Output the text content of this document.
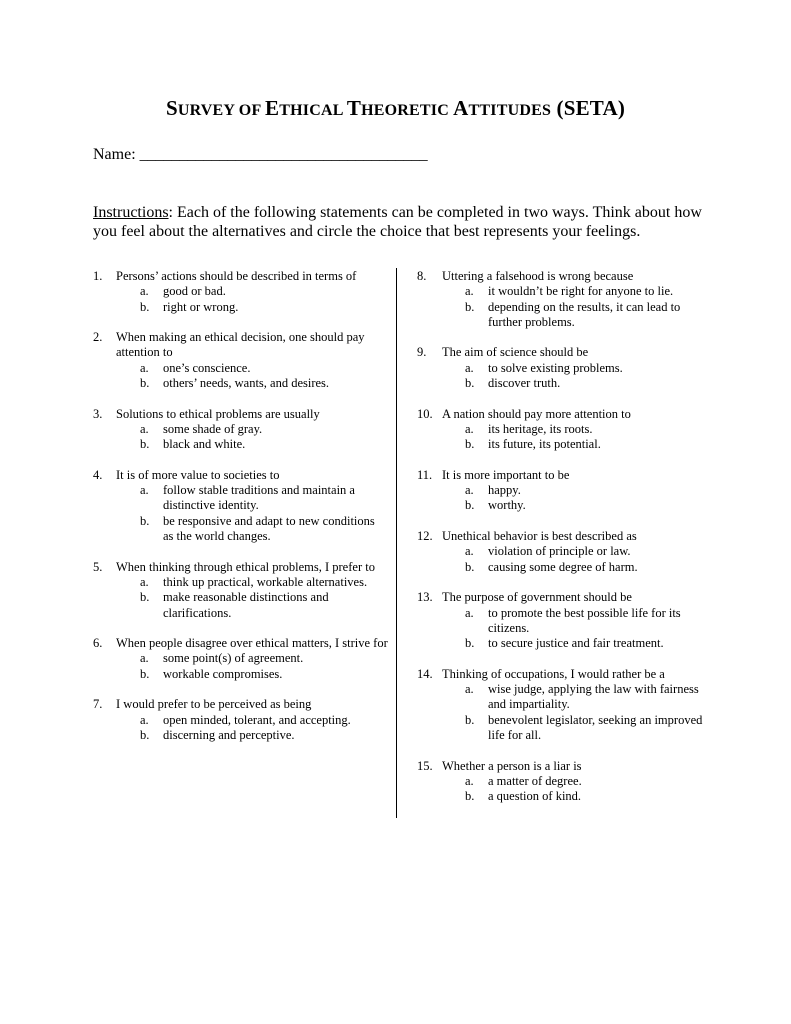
SURVEY OF ETHICAL THEORETIC ATTITUDES (SETA)
Name: ____________________________________
Instructions: Each of the following statements can be completed in two ways. Think about how you feel about the alternatives and circle the choice that best represents your feelings.
1.	Persons’ actions should be described in terms of
a. good or bad.
b. right or wrong.
2.	When making an ethical decision, one should pay attention to
a. one’s conscience.
b. others’ needs, wants, and desires.
3.	Solutions to ethical problems are usually
a. some shade of gray.
b. black and white.
4.	It is of more value to societies to
a. follow stable traditions and maintain a distinctive identity.
b. be responsive and adapt to new conditions as the world changes.
5.	When thinking through ethical problems, I prefer to
a. think up practical, workable alternatives.
b. make reasonable distinctions and clarifications.
6.	When people disagree over ethical matters, I strive for
a. some point(s) of agreement.
b. workable compromises.
7.	I would prefer to be perceived as being
a. open minded, tolerant, and accepting.
b. discerning and perceptive.
8.	Uttering a falsehood is wrong because
a. it wouldn’t be right for anyone to lie.
b. depending on the results, it can lead to further problems.
9.	The aim of science should be
a. to solve existing problems.
b. discover truth.
10. A nation should pay more attention to
a. its heritage, its roots.
b. its future, its potential.
11. It is more important to be
a. happy.
b. worthy.
12. Unethical behavior is best described as
a. violation of principle or law.
b. causing some degree of harm.
13. The purpose of government should be
a. to promote the best possible life for its citizens.
b. to secure justice and fair treatment.
14. Thinking of occupations, I would rather be a
a. wise judge, applying the law with fairness and impartiality.
b. benevolent legislator, seeking an improved life for all.
15. Whether a person is a liar is
a. a matter of degree.
b. a question of kind.
